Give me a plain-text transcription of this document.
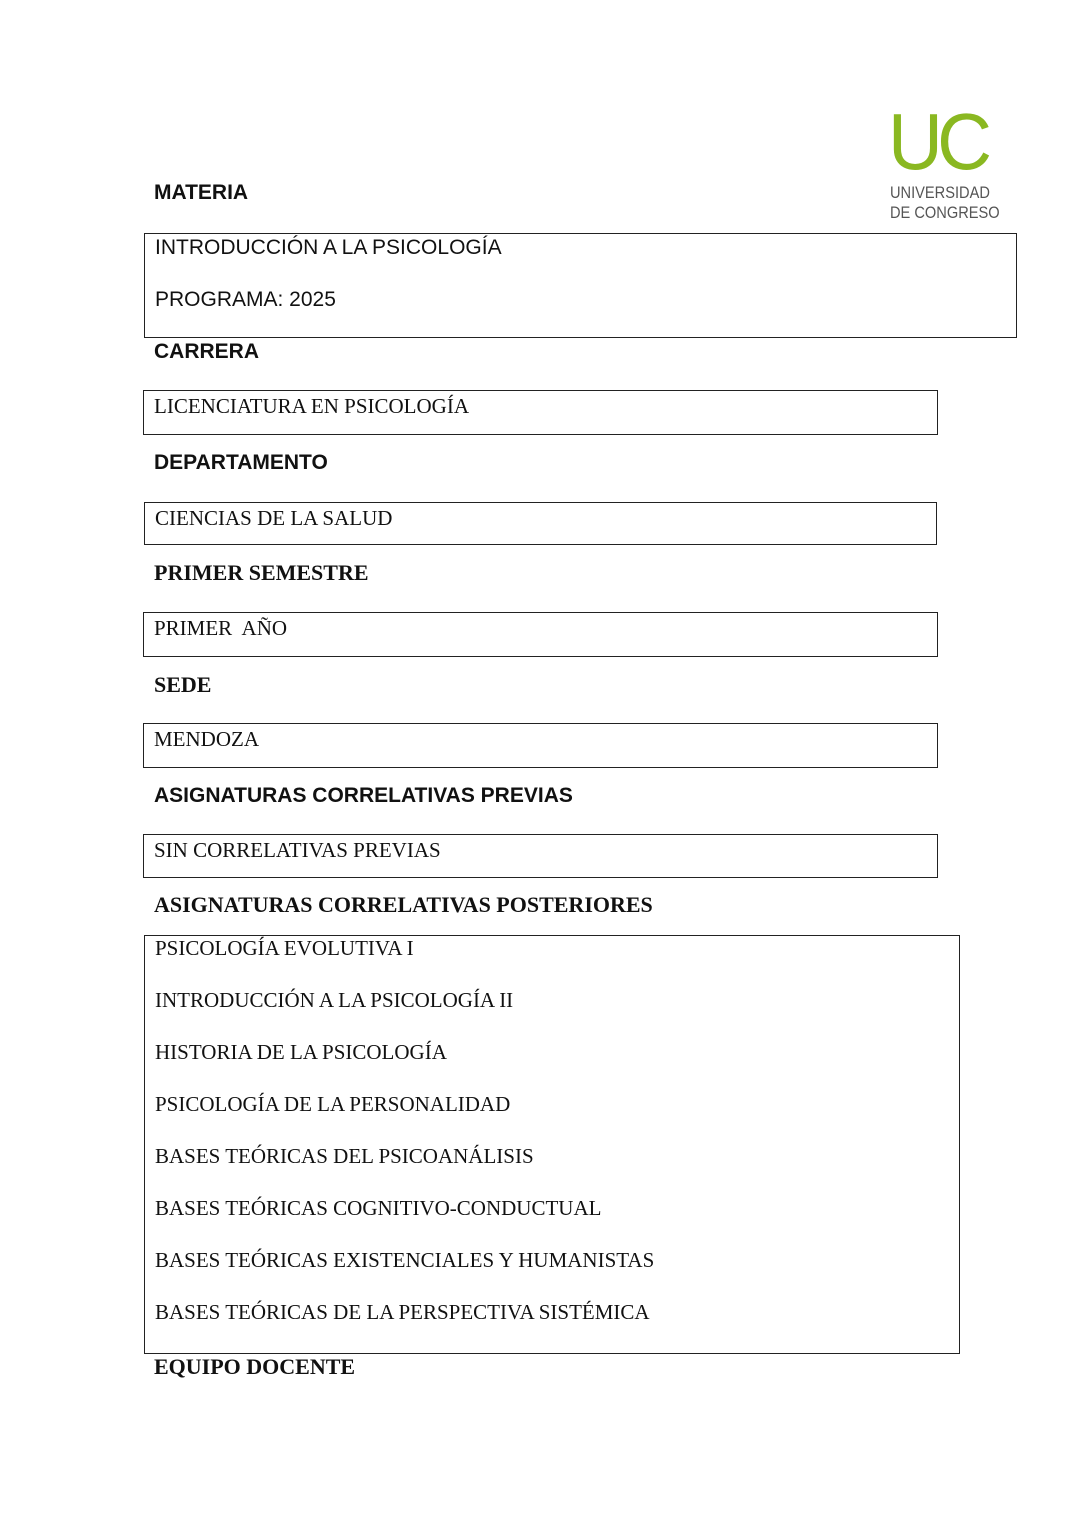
UC
UNIVERSIDAD
DE CONGRESO
MATERIA
INTRODUCCIÓN A LA PSICOLOGÍA
PROGRAMA: 2025
CARRERA
LICENCIATURA EN PSICOLOGÍA
DEPARTAMENTO
CIENCIAS DE LA SALUD
PRIMER SEMESTRE
PRIMER  AÑO
SEDE
MENDOZA
ASIGNATURAS CORRELATIVAS PREVIAS
SIN CORRELATIVAS PREVIAS
ASIGNATURAS CORRELATIVAS POSTERIORES
PSICOLOGÍA EVOLUTIVA I
INTRODUCCIÓN A LA PSICOLOGÍA II
HISTORIA DE LA PSICOLOGÍA
PSICOLOGÍA DE LA PERSONALIDAD
BASES TEÓRICAS DEL PSICOANÁLISIS
BASES TEÓRICAS COGNITIVO-CONDUCTUAL
BASES TEÓRICAS EXISTENCIALES Y HUMANISTAS
BASES TEÓRICAS DE LA PERSPECTIVA SISTÉMICA
EQUIPO DOCENTE
